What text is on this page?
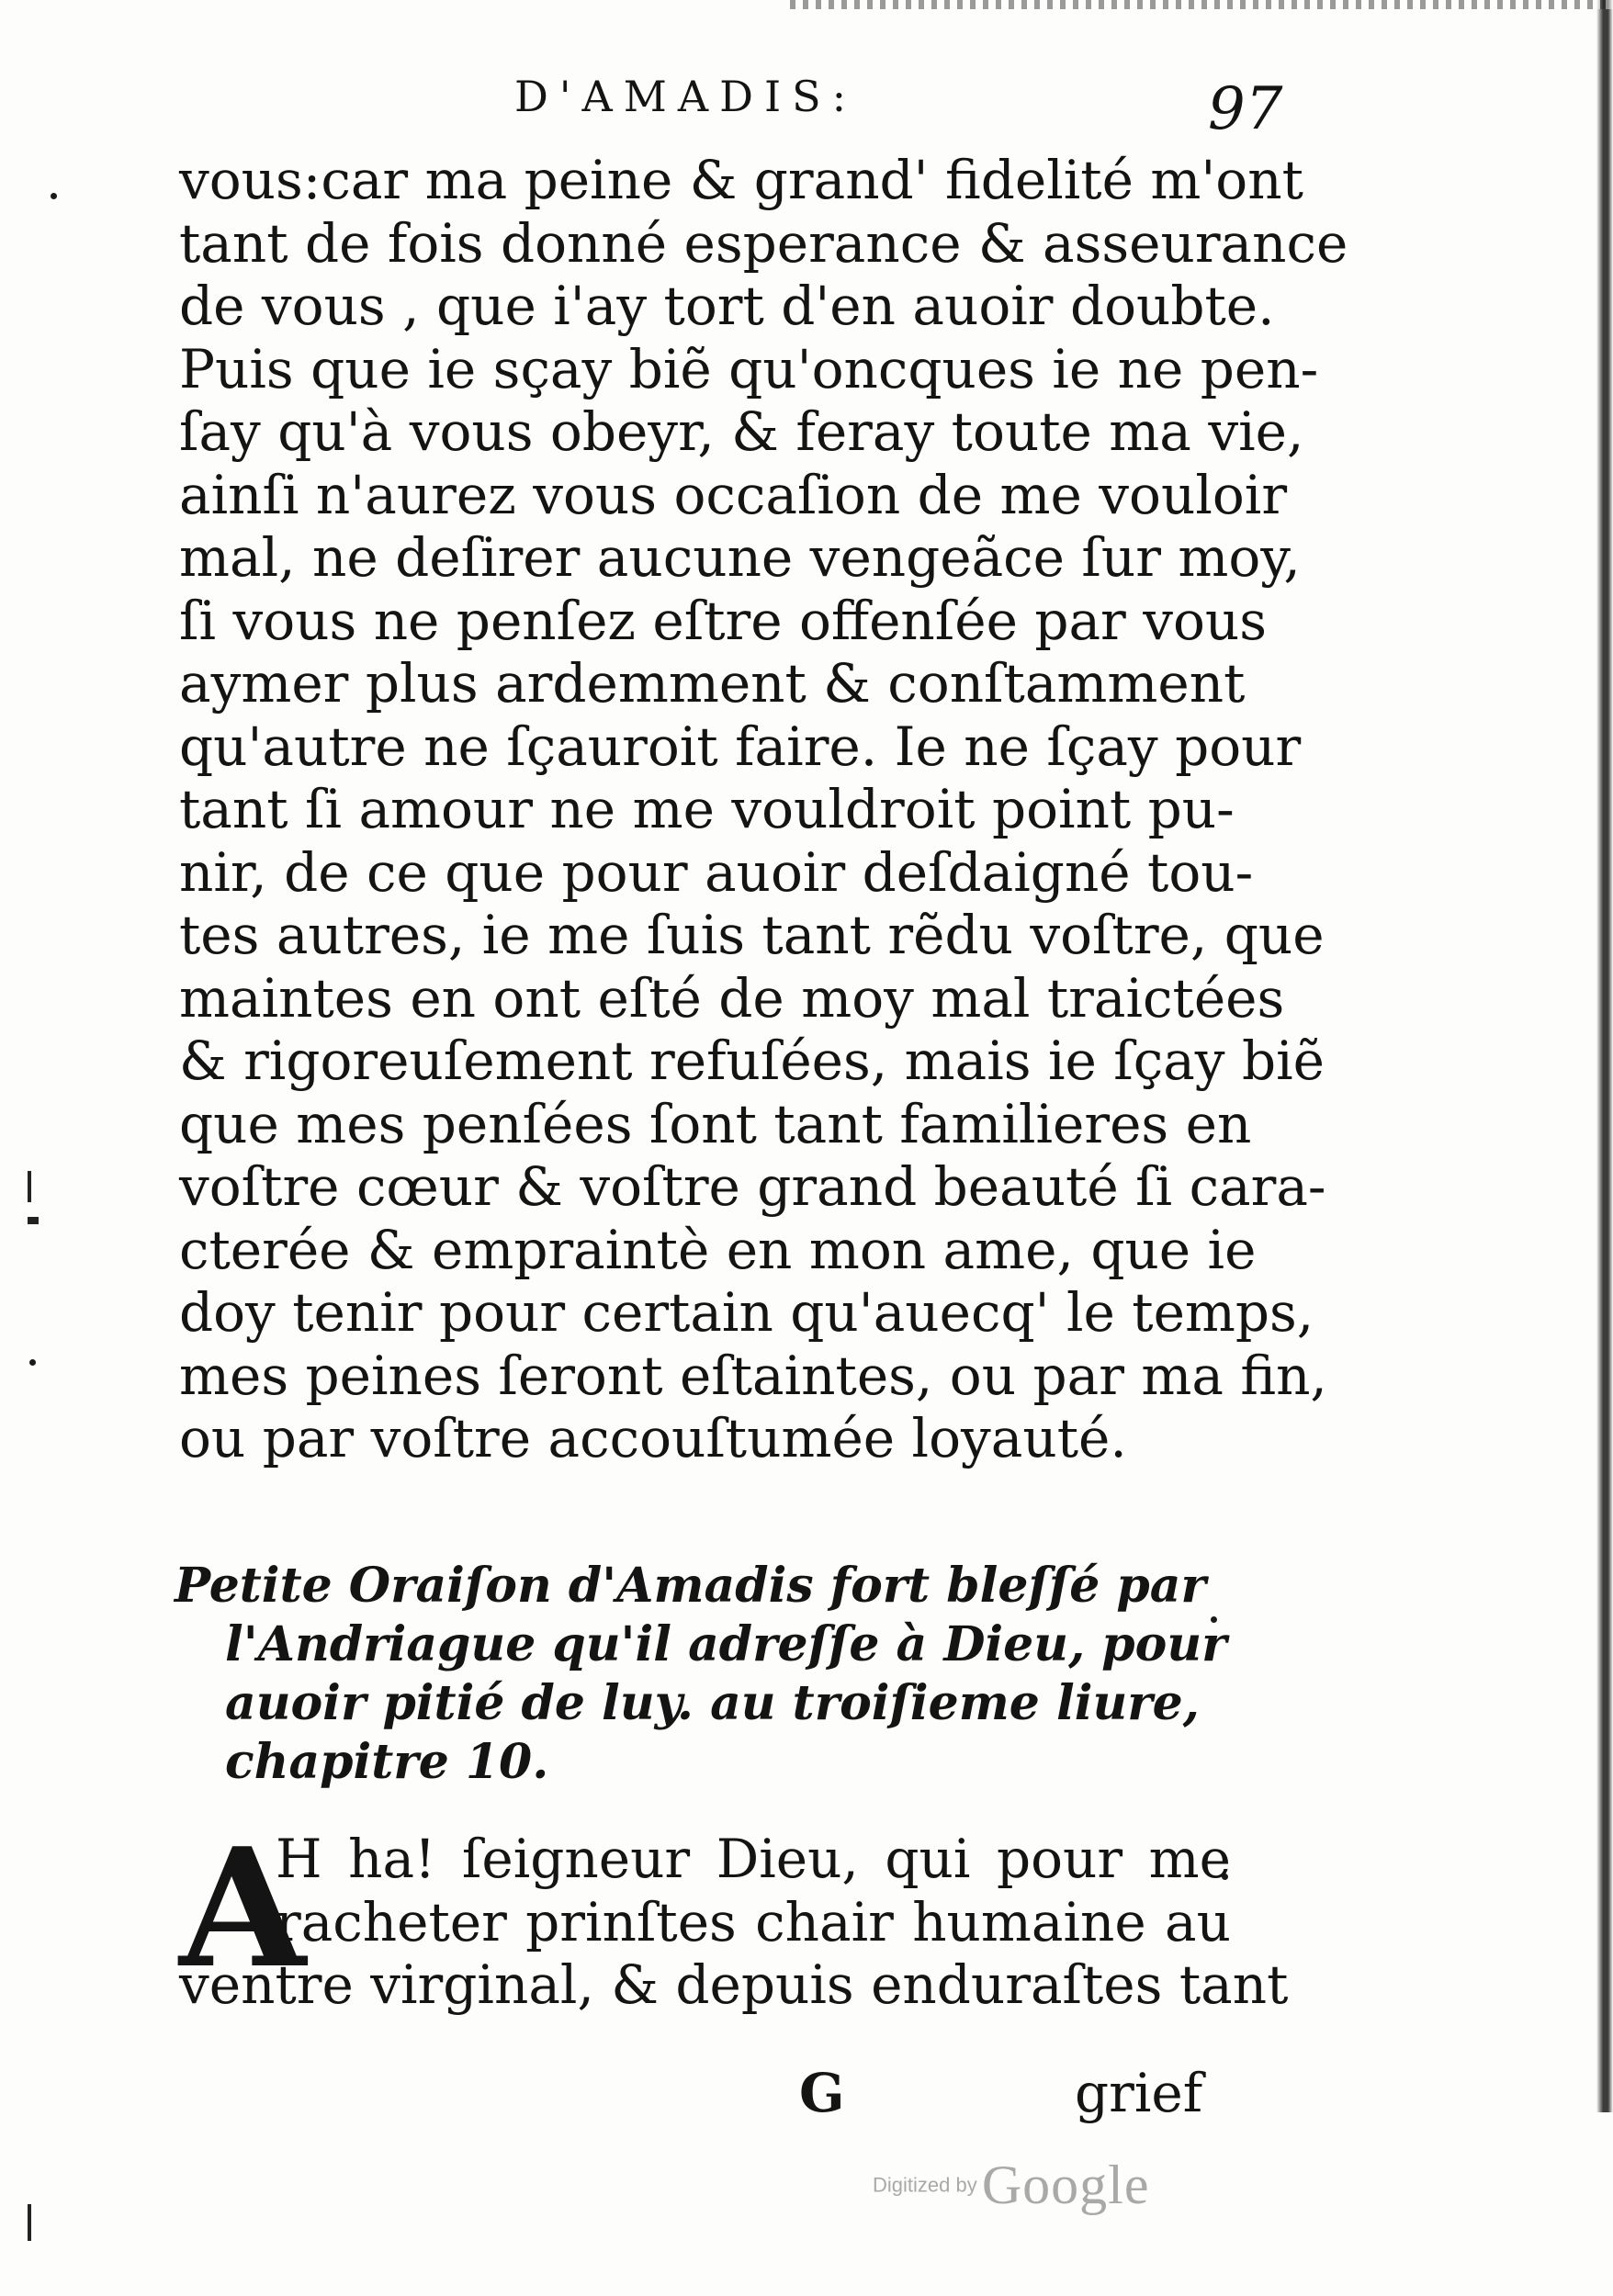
D'AMADIS:	97
vous:car ma peine & grand' fidelité m'ont
tant de fois donné esperance & asseurance
de vous , que i'ay tort d'en auoir doubte.
Puis que ie sçay biẽ qu'oncques ie ne pen-
ſay qu'à vous obeyr, & feray toute ma vie,
ainſi n'aurez vous occaſion de me vouloir
mal, ne deſirer aucune vengeãce ſur moy,
ſi vous ne penſez eſtre offenſée par vous
aymer plus ardemment & conſtamment
qu'autre ne ſçauroit faire. Ie ne ſçay pour
tant ſi amour ne me vouldroit point pu-
nir, de ce que pour auoir deſdaigné tou-
tes autres, ie me ſuis tant rẽdu voſtre, que
maintes en ont eſté de moy mal traictées
& rigoreuſement refuſées, mais ie ſçay biẽ
que mes penſées ſont tant familieres en
voſtre cœur & voſtre grand beauté ſi cara-
cterée & empraintè en mon ame, que ie
doy tenir pour certain qu'auecq' le temps,
mes peines ſeront eſtaintes, ou par ma fin,
ou par voſtre accouſtumée loyauté.
Petite Oraiſon d'Amadis fort bleſſé par
l'Andriague qu'il adreſſe à Dieu, pour
auoir pitié de luy. au troiſieme liure,
chapitre 10.
A
H ha! ſeigneur Dieu, qui pour me
racheter prinſtes chair humaine au
ventre virginal, & depuis enduraſtes tant
G	grief
Digitized by Google
